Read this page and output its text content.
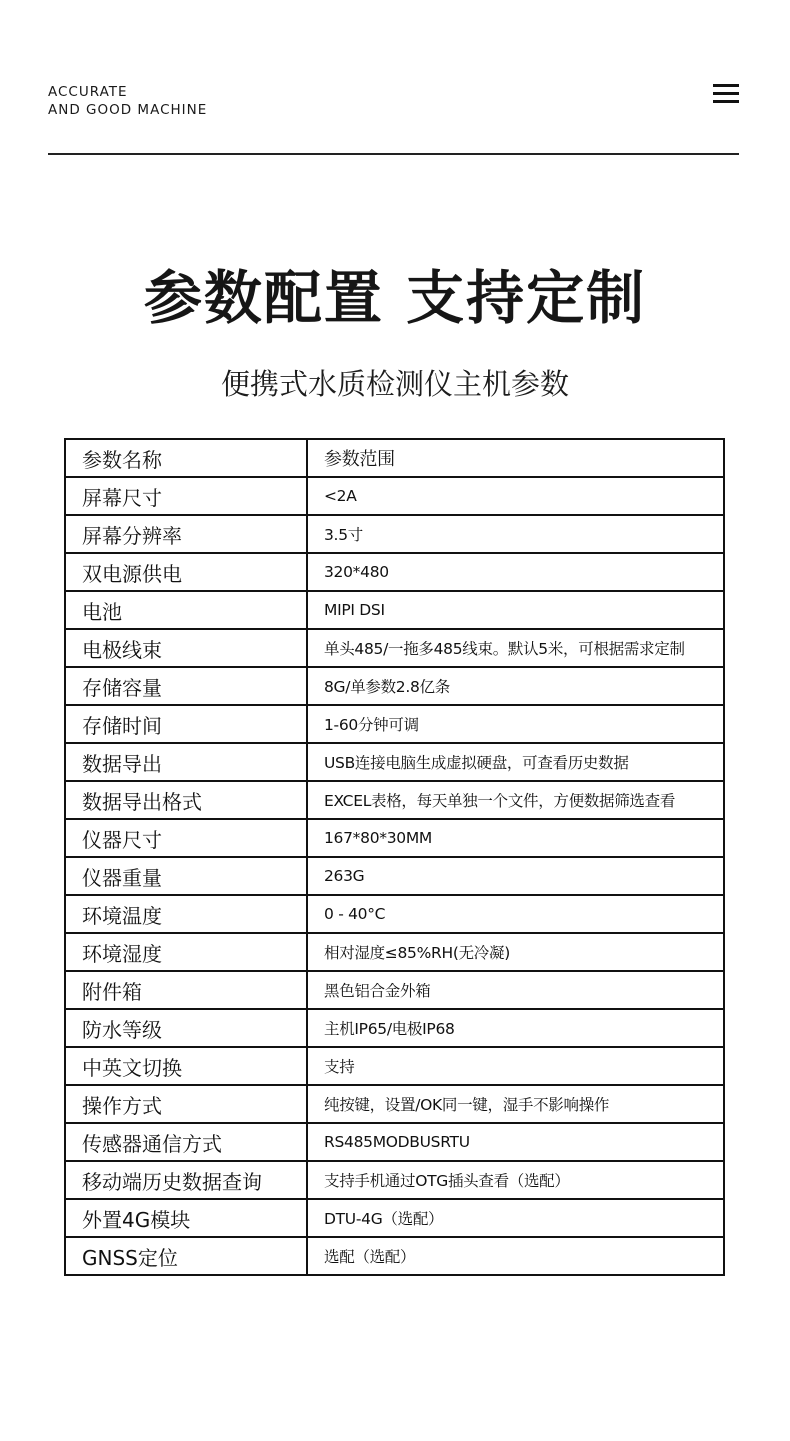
ACCURATE
AND GOOD MACHINE
参数配置 支持定制
便携式水质检测仪主机参数
参数名称	参数范围
屏幕尺寸	<2A
屏幕分辨率	3.5寸
双电源供电	320*480
电池	MIPI DSI
电极线束	单头485/一拖多485线束。默认5米，可根据需求定制
存储容量	8G/单参数2.8亿条
存储时间	1-60分钟可调
数据导出	USB连接电脑生成虚拟硬盘，可查看历史数据
数据导出格式	EXCEL表格，每天单独一个文件，方便数据筛选查看
仪器尺寸	167*80*30MM
仪器重量	263G
环境温度	0 - 40°C
环境湿度	相对湿度≤85%RH(无冷凝)
附件箱	黑色铝合金外箱
防水等级	主机IP65/电极IP68
中英文切换	支持
操作方式	纯按键，设置/OK同一键，湿手不影响操作
传感器通信方式	RS485MODBUSRTU
移动端历史数据查询	支持手机通过OTG插头查看（选配）
外置4G模块	DTU-4G（选配）
GNSS定位	选配（选配）
